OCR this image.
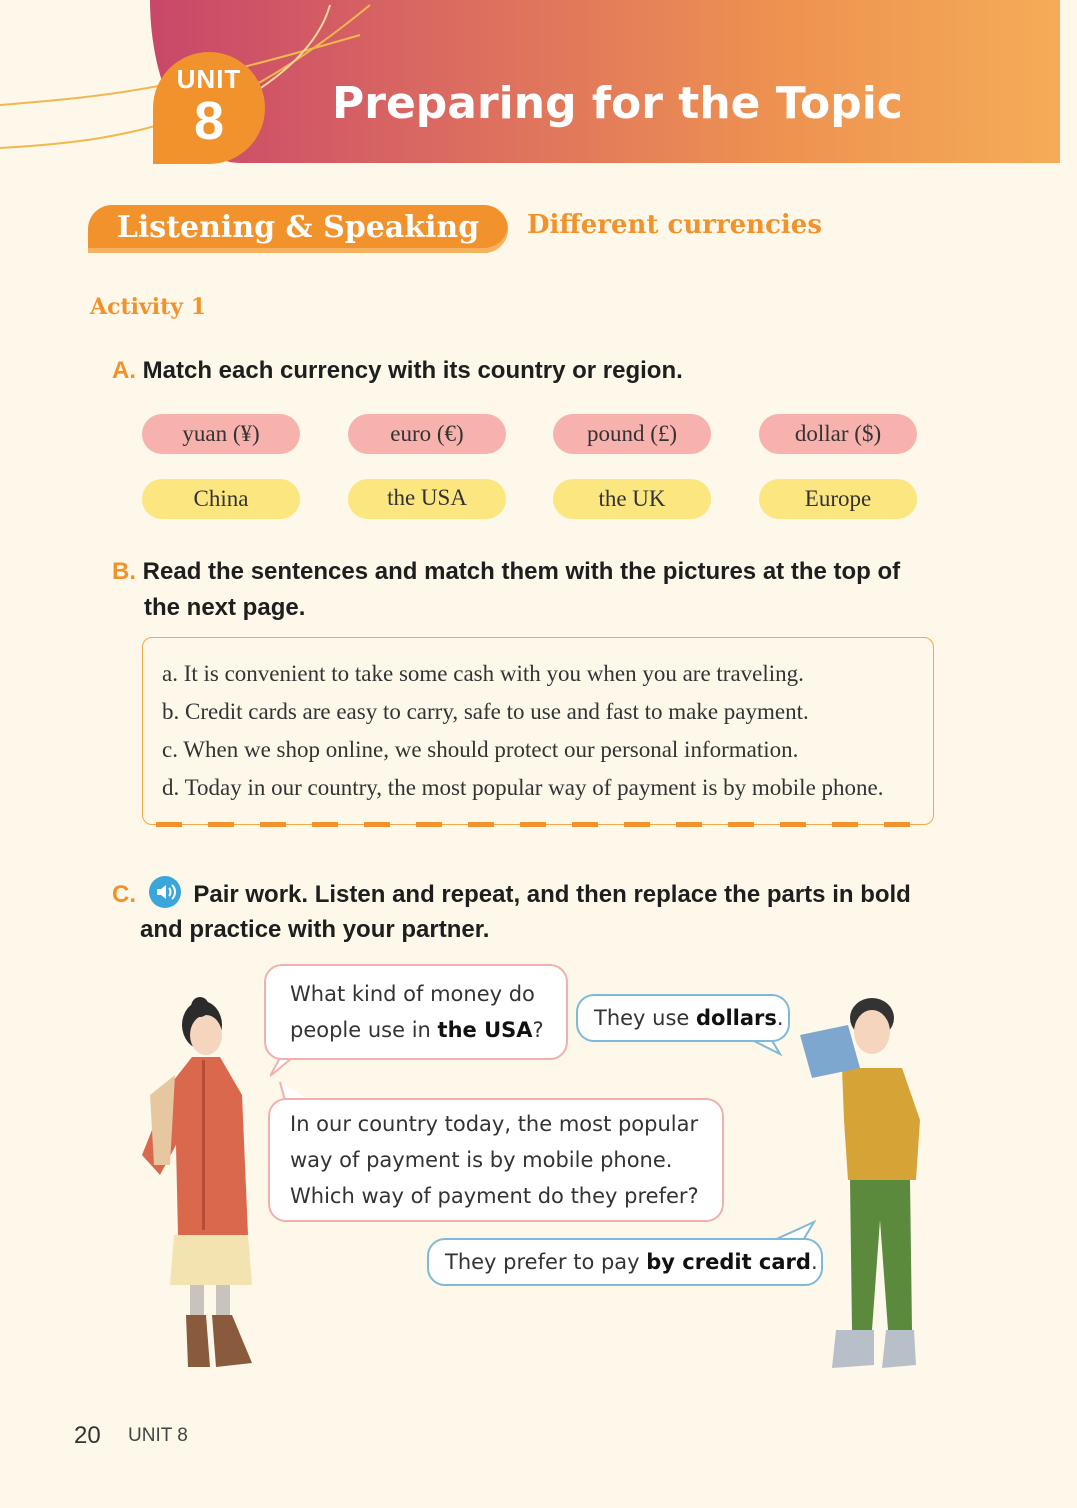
UNIT
8	Preparing for the Topic
Listening & Speaking	Different currencies
Activity 1
A. Match each currency with its country or region.
yuan (¥)	euro (€)	pound (£)	dollar ($)
China	the USA	the UK	Europe
B. Read the sentences and match them with the pictures at the top of
the next page.
a. It is convenient to take some cash with you when you are traveling.
b. Credit cards are easy to carry, safe to use and fast to make payment.
c. When we shop online, we should protect our personal information.
d. Today in our country, the most popular way of payment is by mobile phone.
C. Pair work. Listen and repeat, and then replace the parts in bold
and practice with your partner.
What kind of money do
people use in the USA?	They use dollars.
In our country today, the most popular
way of payment is by mobile phone.
Which way of payment do they prefer?
They prefer to pay by credit card.
20 UNIT 8
